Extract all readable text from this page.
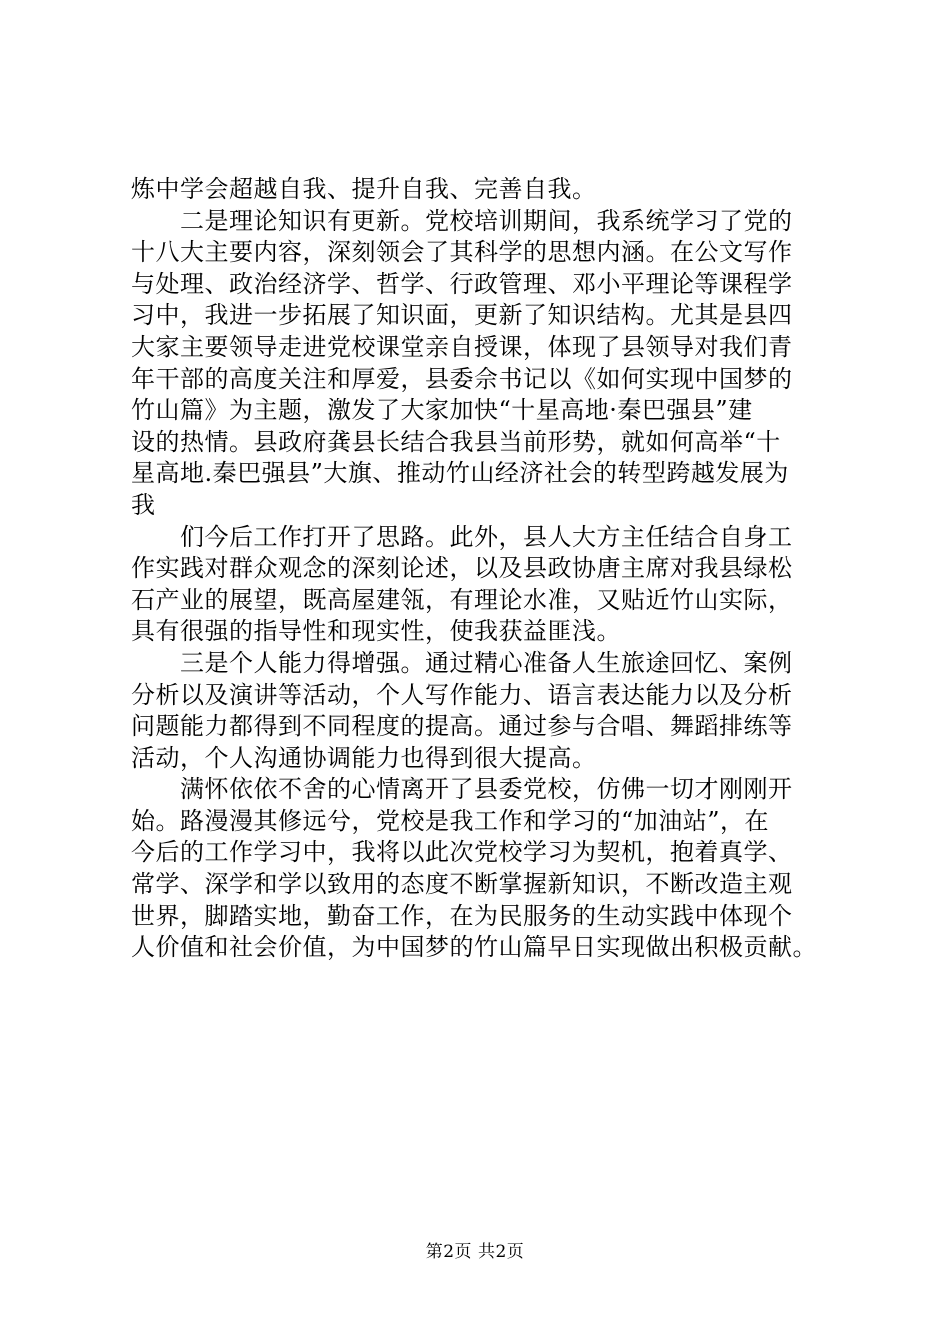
炼中学会超越自我、提升自我、完善自我。
　　二是理论知识有更新。党校培训期间，我系统学习了党的
十八大主要内容，深刻领会了其科学的思想内涵。在公文写作
与处理、政治经济学、哲学、行政管理、邓小平理论等课程学
习中，我进一步拓展了知识面，更新了知识结构。尤其是县四
大家主要领导走进党校课堂亲自授课，体现了县领导对我们青
年干部的高度关注和厚爱，县委佘书记以《如何实现中国梦的
竹山篇》为主题，激发了大家加快“十星高地·秦巴强县”建
设的热情。县政府龚县长结合我县当前形势，就如何高举“十
星高地.秦巴强县”大旗、推动竹山经济社会的转型跨越发展为
我
　　们今后工作打开了思路。此外，县人大方主任结合自身工
作实践对群众观念的深刻论述，以及县政协唐主席对我县绿松
石产业的展望，既高屋建瓴，有理论水准，又贴近竹山实际，
具有很强的指导性和现实性，使我获益匪浅。
　　三是个人能力得增强。通过精心准备人生旅途回忆、案例
分析以及演讲等活动，个人写作能力、语言表达能力以及分析
问题能力都得到不同程度的提高。通过参与合唱、舞蹈排练等
活动，个人沟通协调能力也得到很大提高。
　　满怀依依不舍的心情离开了县委党校，仿佛一切才刚刚开
始。路漫漫其修远兮，党校是我工作和学习的“加油站”，在
今后的工作学习中，我将以此次党校学习为契机，抱着真学、
常学、深学和学以致用的态度不断掌握新知识，不断改造主观
世界，脚踏实地，勤奋工作，在为民服务的生动实践中体现个
人价值和社会价值，为中国梦的竹山篇早日实现做出积极贡献。
第2页 共2页
